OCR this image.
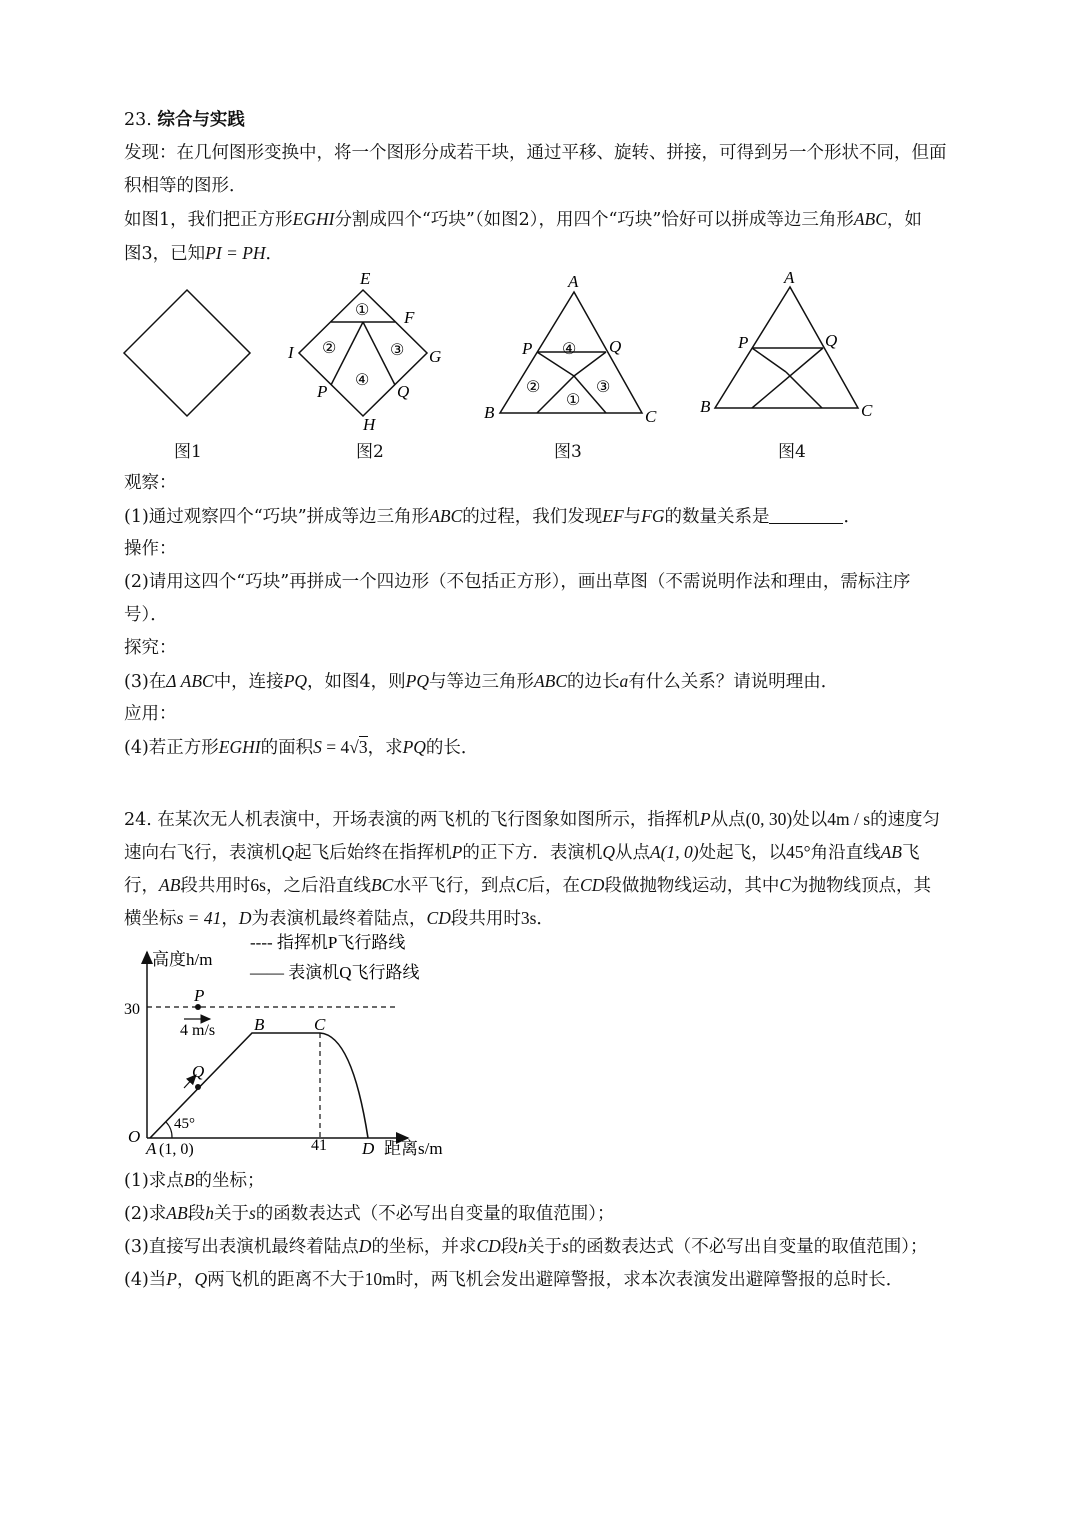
23. 综合与实践
发现：在几何图形变换中，将一个图形分成若干块，通过平移、旋转、拼接，可得到另一个形状不同，但面
积相等的图形．
如图1，我们把正方形EGHI分割成四个“巧块”（如图2），用四个“巧块”恰好可以拼成等边三角形ABC，如
图3，已知PI = PH．
E
F
G
H
I
P	Q
①
②	③
④
A
B	C
P	Q
④
②	③
①
A
B	C
P	Q
图1	图2	图3	图4
观察：
(1)通过观察四个“巧块”拼成等边三角形ABC的过程，我们发现EF与FG的数量关系是	．
操作：
(2)请用这四个“巧块”再拼成一个四边形（不包括正方形），画出草图（不需说明作法和理由，需标注序
号）．
探究：
(3)在Δ ABC中，连接PQ，如图4，则PQ与等边三角形ABC的边长a有什么关系？请说明理由．
应用：
(4)若正方形EGHI的面积S = 4√3，求PQ的长．
24. 在某次无人机表演中，开场表演的两飞机的飞行图象如图所示，指挥机P从点(0, 30)处以4m / s的速度匀
速向右飞行，表演机Q起飞后始终在指挥机P的正下方．表演机Q从点A(1, 0)处起飞，以45°角沿直线AB飞
行，AB段共用时6s，之后沿直线BC水平飞行，到点C后，在CD段做抛物线运动，其中C为抛物线顶点，其
横坐标s = 41，D为表演机最终着陆点，CD段共用时3s．
高度h/m
距离s/m
---- 指挥机P飞行路线
—— 表演机Q飞行路线
30
41
O
A (1, 0)
B	C
D
P
Q
4 m/s
45°
(1)求点B的坐标；
(2)求AB段h关于s的函数表达式（不必写出自变量的取值范围）；
(3)直接写出表演机最终着陆点D的坐标，并求CD段h关于s的函数表达式（不必写出自变量的取值范围）；
(4)当P，Q两飞机的距离不大于10m时，两飞机会发出避障警报，求本次表演发出避障警报的总时长．
